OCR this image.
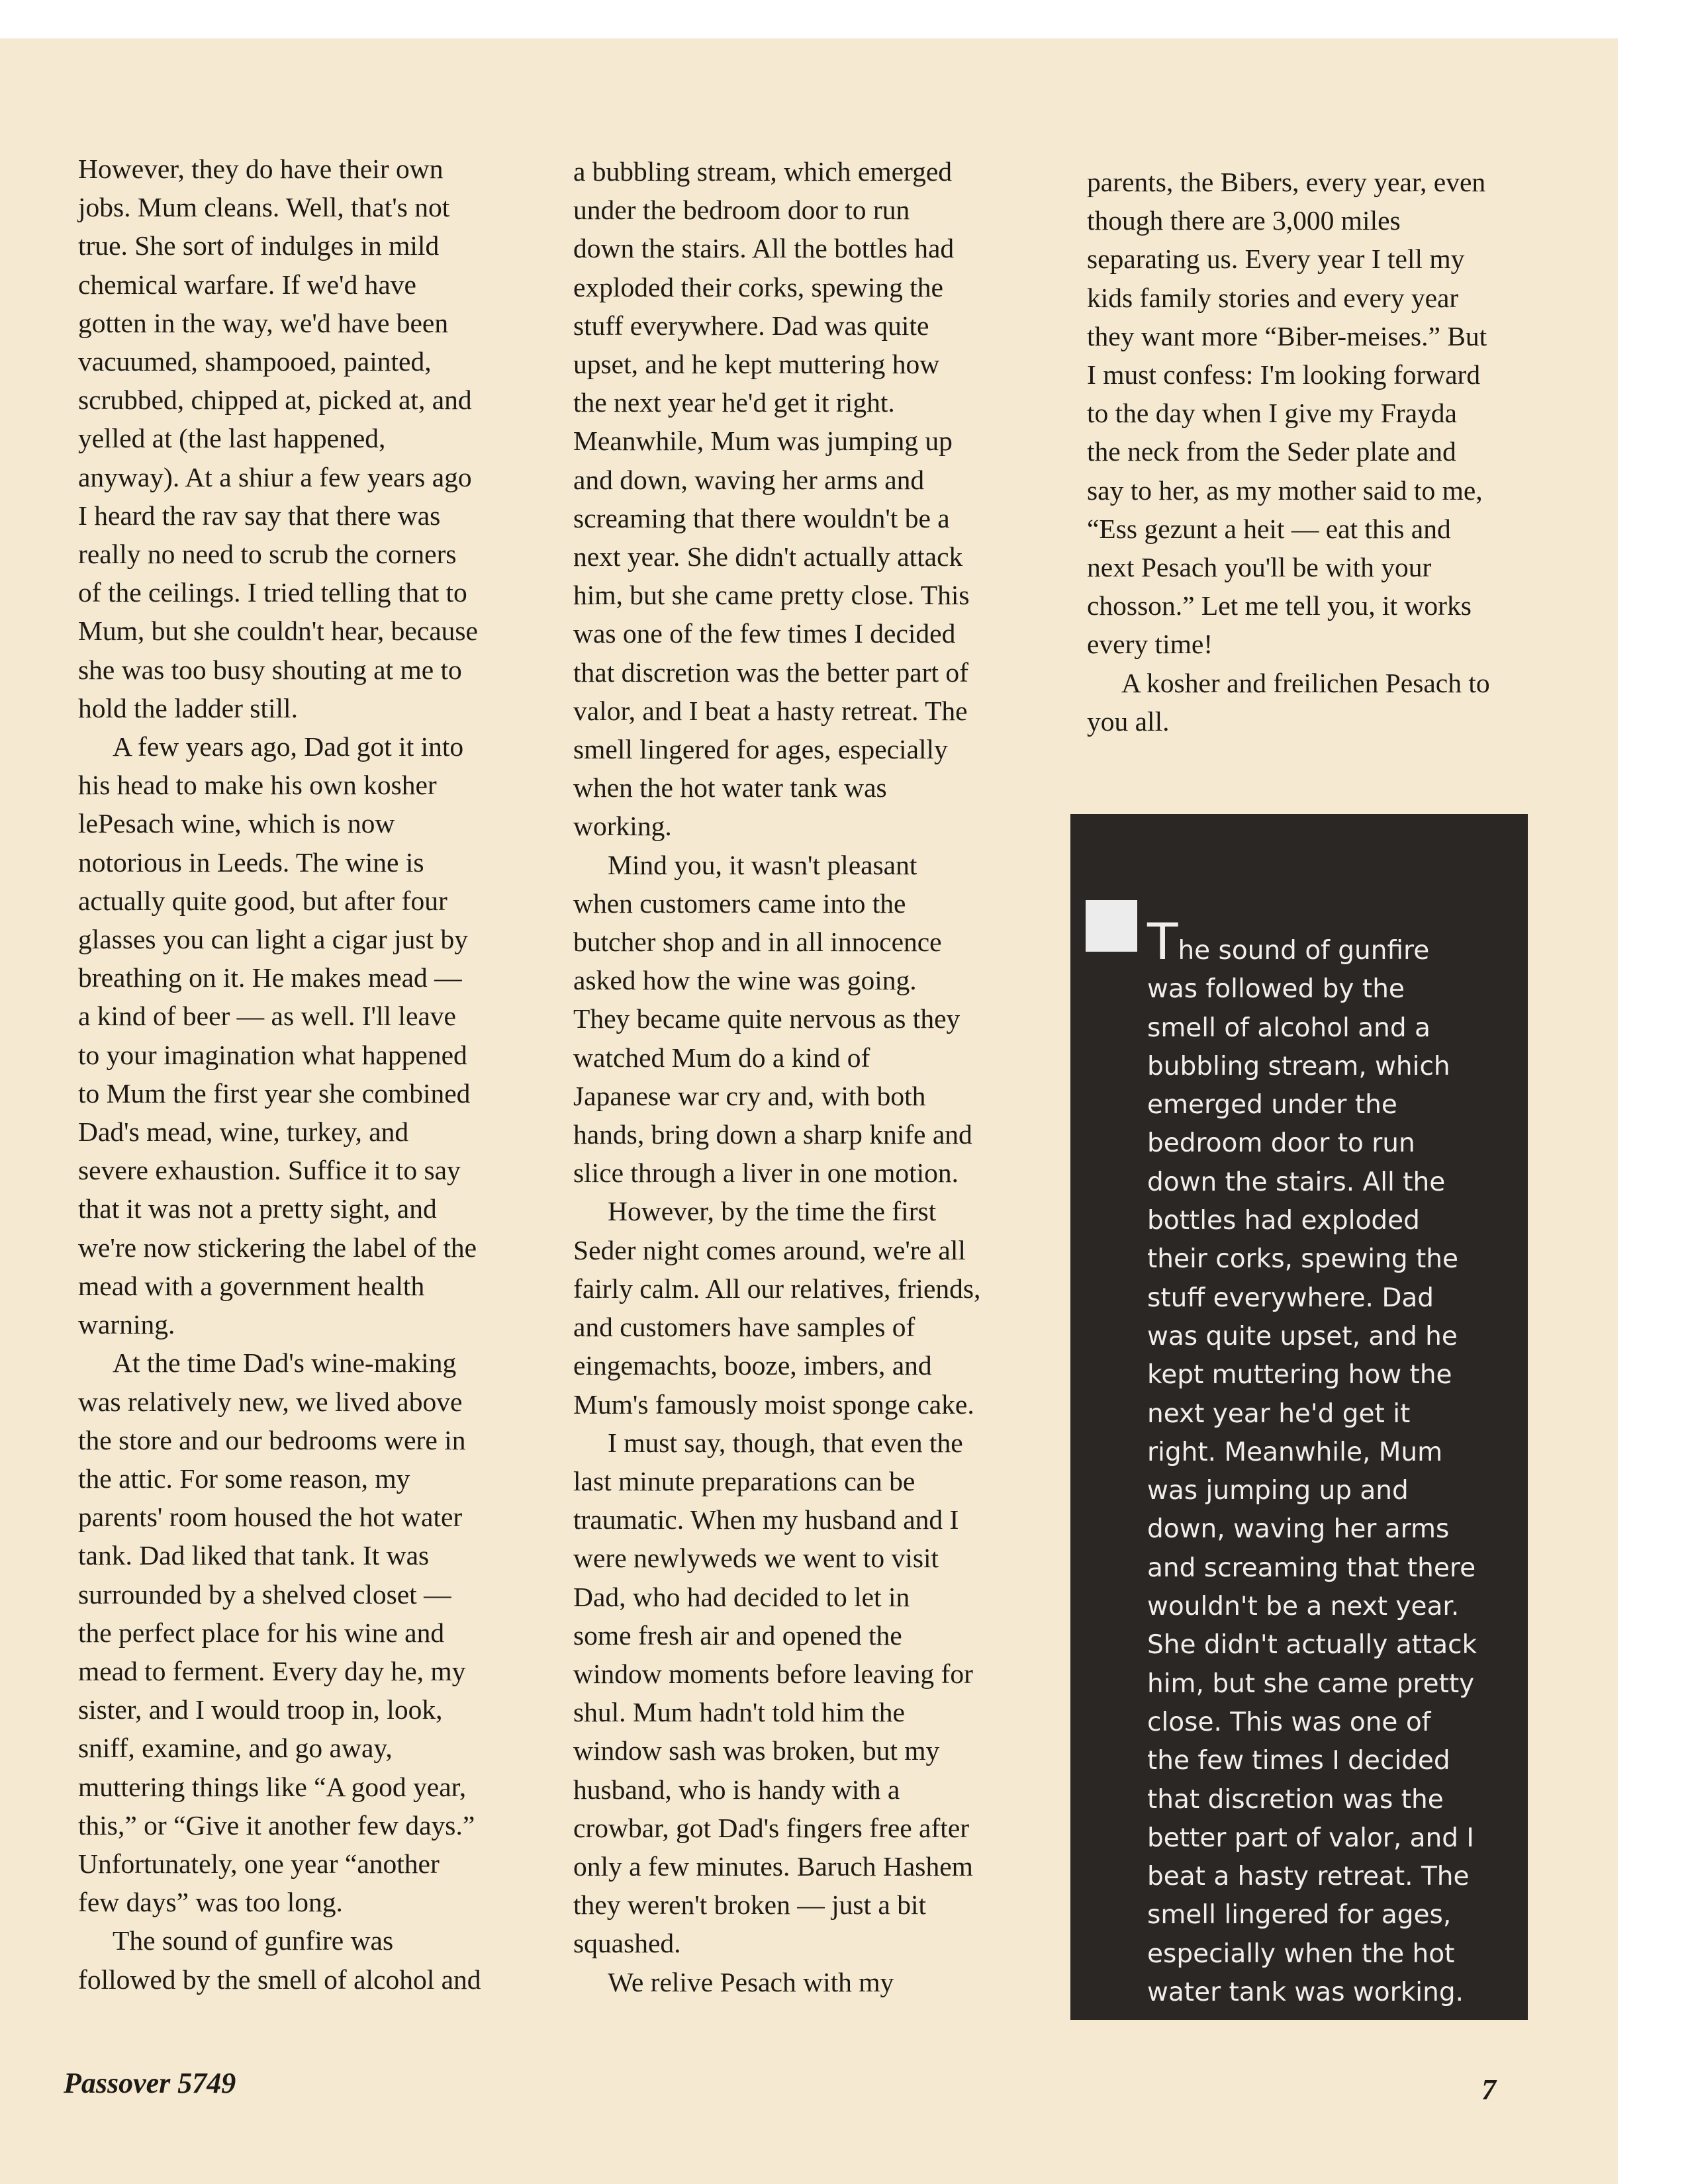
However, they do have their own

jobs. Mum cleans. Well, that's not

true. She sort of indulges in mild

chemical warfare. If we'd have

gotten in the way, we'd have been

vacuumed, shampooed, painted,

scrubbed, chipped at, picked at, and

yelled at (the last happened,

anyway). At a shiur a few years ago

I heard the rav say that there was

really no need to scrub the corners

of the ceilings. I tried telling that to

Mum, but she couldn't hear, because

she was too busy shouting at me to

hold the ladder still.

A few years ago, Dad got it into

his head to make his own kosher

lePesach wine, which is now

notorious in Leeds. The wine is

actually quite good, but after four

glasses you can light a cigar just by

breathing on it. He makes mead —

a kind of beer — as well. I'll leave

to your imagination what happened

to Mum the first year she combined

Dad's mead, wine, turkey, and

severe exhaustion. Suffice it to say

that it was not a pretty sight, and

we're now stickering the label of the

mead with a government health

warning.

At the time Dad's wine-making

was relatively new, we lived above

the store and our bedrooms were in

the attic. For some reason, my

parents' room housed the hot water

tank. Dad liked that tank. It was

surrounded by a shelved closet —

the perfect place for his wine and

mead to ferment. Every day he, my

sister, and I would troop in, look,

sniff, examine, and go away,

muttering things like “A good year,

this,” or “Give it another few days.”

Unfortunately, one year “another

few days” was too long.

The sound of gunfire was

followed by the smell of alcohol and

a bubbling stream, which emerged

under the bedroom door to run

down the stairs. All the bottles had

exploded their corks, spewing the

stuff everywhere. Dad was quite

upset, and he kept muttering how

the next year he'd get it right.

Meanwhile, Mum was jumping up

and down, waving her arms and

screaming that there wouldn't be a

next year. She didn't actually attack

him, but she came pretty close. This

was one of the few times I decided

that discretion was the better part of

valor, and I beat a hasty retreat. The

smell lingered for ages, especially

when the hot water tank was

working.

Mind you, it wasn't pleasant

when customers came into the

butcher shop and in all innocence

asked how the wine was going.

They became quite nervous as they

watched Mum do a kind of

Japanese war cry and, with both

hands, bring down a sharp knife and

slice through a liver in one motion.

However, by the time the first

Seder night comes around, we're all

fairly calm. All our relatives, friends,

and customers have samples of

eingemachts, booze, imbers, and

Mum's famously moist sponge cake.

I must say, though, that even the

last minute preparations can be

traumatic. When my husband and I

were newlyweds we went to visit

Dad, who had decided to let in

some fresh air and opened the

window moments before leaving for

shul. Mum hadn't told him the

window sash was broken, but my

husband, who is handy with a

crowbar, got Dad's fingers free after

only a few minutes. Baruch Hashem

they weren't broken — just a bit

squashed.

We relive Pesach with my

parents, the Bibers, every year, even

though there are 3,000 miles

separating us. Every year I tell my

kids family stories and every year

they want more “Biber-meises.” But

I must confess: I'm looking forward

to the day when I give my Frayda

the neck from the Seder plate and

say to her, as my mother said to me,

“Ess gezunt a heit — eat this and

next Pesach you'll be with your

chosson.” Let me tell you, it works

every time!

A kosher and freilichen Pesach to

you all.

The sound of gunfire
was followed by the
smell of alcohol and a
bubbling stream, which
emerged under the
bedroom door to run
down the stairs. All the
bottles had exploded
their corks, spewing the
stuff everywhere. Dad
was quite upset, and he
kept muttering how the
next year he'd get it
right. Meanwhile, Mum
was jumping up and
down, waving her arms
and screaming that there
wouldn't be a next year.
She didn't actually attack
him, but she came pretty
close. This was one of
the few times I decided
that discretion was the
better part of valor, and I
beat a hasty retreat. The
smell lingered for ages,
especially when the hot
water tank was working.
Passover 5749	7
